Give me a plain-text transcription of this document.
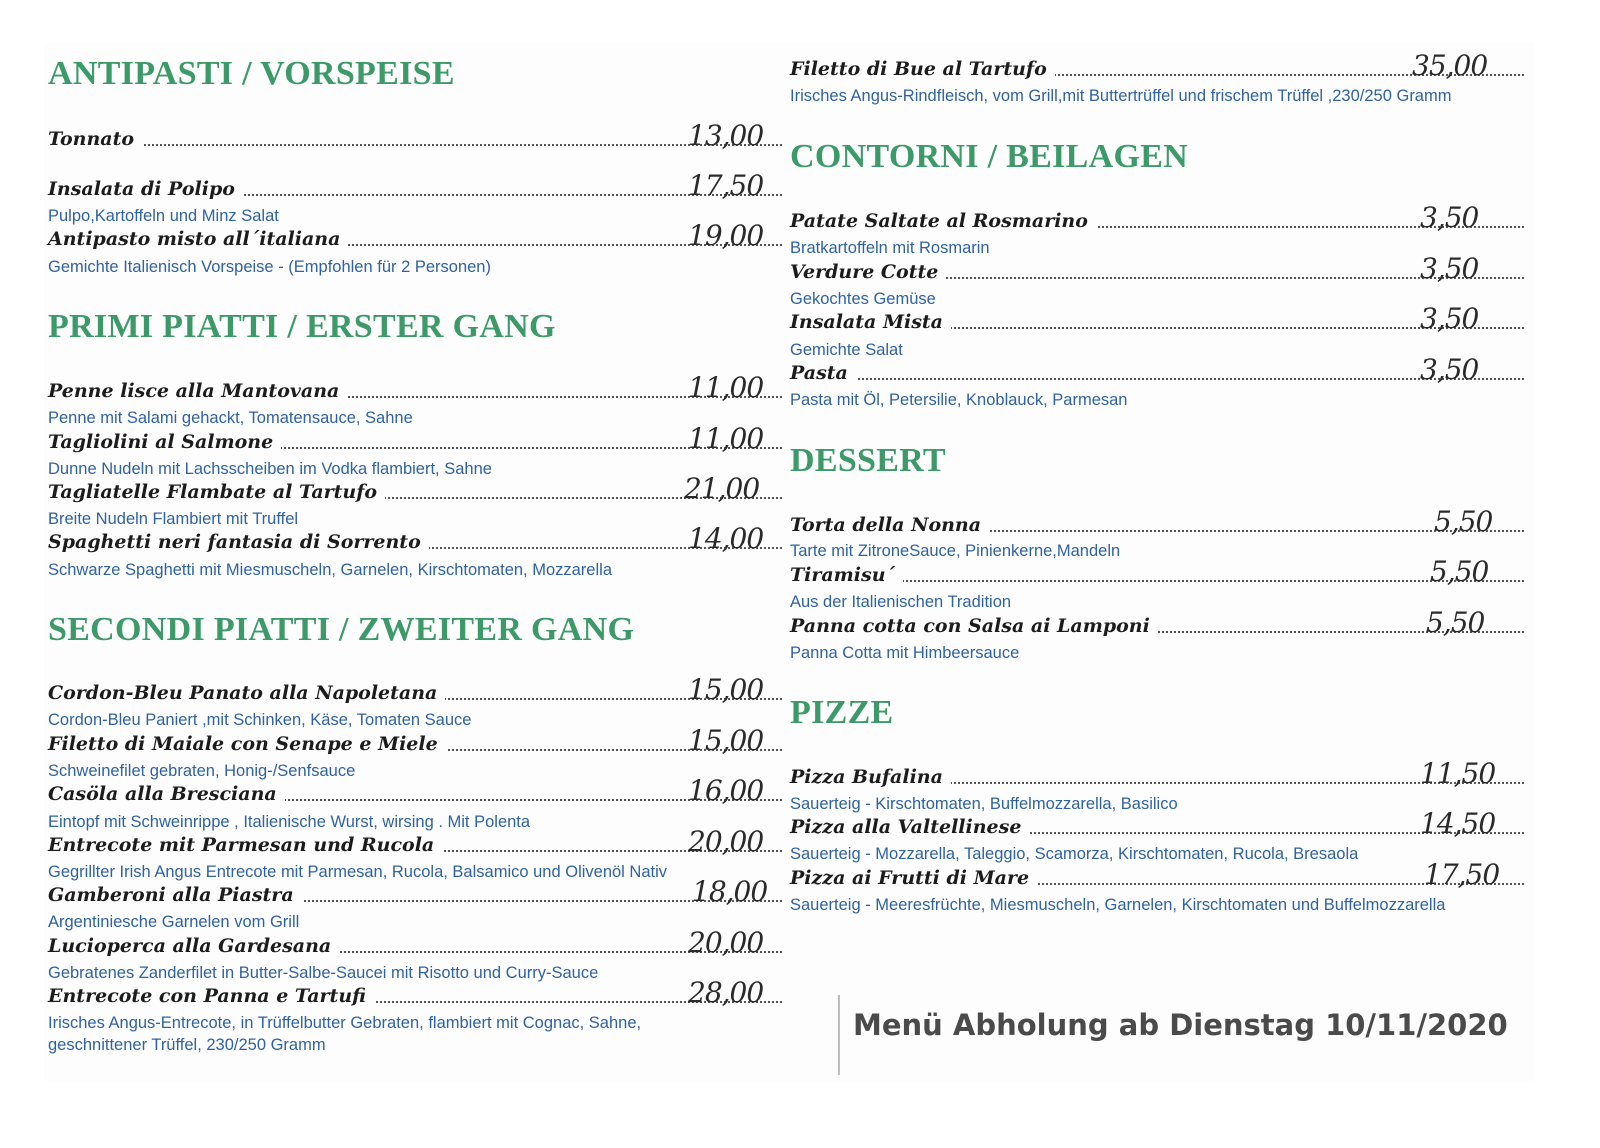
ANTIPASTI / VORSPEISE
Tonnato	13,00
Insalata di Polipo	17,50
Pulpo,Kartoffeln und Minz Salat
Antipasto misto all´italiana	19,00
Gemichte Italienisch Vorspeise - (Empfohlen für 2 Personen)
PRIMI PIATTI / ERSTER GANG
Penne lisce alla Mantovana	11,00
Penne mit Salami gehackt, Tomatensauce, Sahne
Tagliolini al Salmone	11,00
Dunne Nudeln mit Lachsscheiben im Vodka flambiert, Sahne
Tagliatelle Flambate al Tartufo	21,00
Breite Nudeln Flambiert mit Truffel
Spaghetti neri fantasia di Sorrento	14,00
Schwarze Spaghetti mit Miesmuscheln, Garnelen, Kirschtomaten, Mozzarella
SECONDI PIATTI / ZWEITER GANG
Cordon-Bleu Panato alla Napoletana	15,00
Cordon-Bleu Paniert ,mit Schinken, Käse, Tomaten Sauce
Filetto di Maiale con Senape e Miele	15,00
Schweinefilet gebraten, Honig-/Senfsauce
Casöla alla Bresciana	16,00
Eintopf mit Schweinrippe , Italienische Wurst, wirsing . Mit Polenta
Entrecote mit Parmesan und Rucola	20,00
Gegrillter Irish Angus Entrecote mit Parmesan, Rucola, Balsamico und Olivenöl Nativ
Gamberoni alla Piastra	18,00
Argentiniesche Garnelen vom Grill
Lucioperca alla Gardesana	20,00
Gebratenes Zanderfilet in Butter-Salbe-Saucei mit Risotto und Curry-Sauce
Entrecote con Panna e Tartufi	28,00
Irisches Angus-Entrecote, in Trüffelbutter Gebraten, flambiert mit Cognac, Sahne, geschnittener Trüffel, 230/250 Gramm
Filetto di Bue al Tartufo	35,00
Irisches Angus-Rindfleisch, vom Grill,mit Buttertrüffel und frischem Trüffel ,230/250 Gramm
CONTORNI / BEILAGEN
Patate Saltate al Rosmarino	3,50
Bratkartoffeln mit Rosmarin
Verdure Cotte	3,50
Gekochtes Gemüse
Insalata Mista	3,50
Gemichte Salat
Pasta	3,50
Pasta mit Öl, Petersilie, Knoblauck, Parmesan
DESSERT
Torta della Nonna	5,50
Tarte mit ZitroneSauce, Pinienkerne,Mandeln
Tiramisu´	5,50
Aus der Italienischen Tradition
Panna cotta con Salsa ai Lamponi	5,50
Panna Cotta mit Himbeersauce
PIZZE
Pizza Bufalina	11,50
Sauerteig - Kirschtomaten, Buffelmozzarella, Basilico
Pizza alla Valtellinese	14,50
Sauerteig - Mozzarella, Taleggio, Scamorza, Kirschtomaten, Rucola, Bresaola
Pizza ai Frutti di Mare	17,50
Sauerteig - Meeresfrüchte, Miesmuscheln, Garnelen, Kirschtomaten und Buffelmozzarella
Menü Abholung ab Dienstag 10/11/2020
